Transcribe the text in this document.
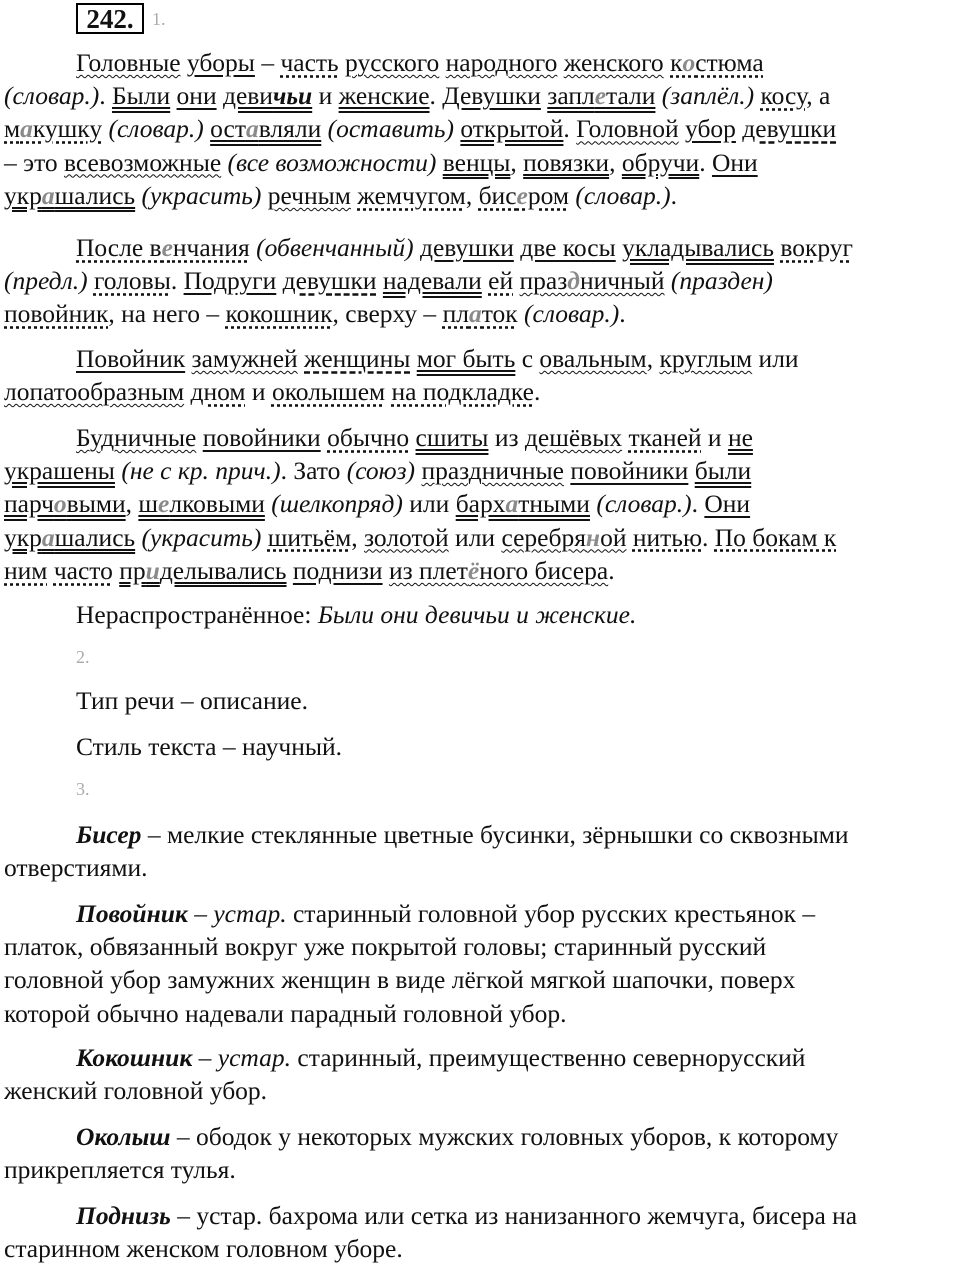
242.	1.
Головные уборы – часть русского народного женского костюма
(словар.). Были они девичьи и женские. Девушки заплетали (заплёл.) косу, а
макушку (словар.) оставляли (оставить) открытой. Головной убор девушки
– это всевозможные (все возможности) венцы, повязки, обручи. Они
украшались (украсить) речным жемчугом, бисером (словар.).
После венчания (обвенчанный) девушки две косы укладывались вокруг
(предл.) головы. Подруги девушки надевали ей праздничный (празден)
повойник, на него – кокошник, сверху – платок (словар.).
Повойник замужней женщины мог быть с овальным, круглым или
лопатообразным дном и околышем на подкладке.
Будничные повойники обычно сшиты из дешёвых тканей и не
украшены (не с кр. прич.). Зато (союз) праздничные повойники были
парчовыми, шелковыми (шелкопряд) или бархатными (словар.). Они
украшались (украсить) шитьём, золотой или серебряной нитью. По бокам к
ним часто приделывались поднизи из плетёного бисера.
Нераспространённое: Были они девичьи и женские.
2.
Тип речи – описание.
Стиль текста – научный.
3.
Бисер – мелкие стеклянные цветные бусинки, зёрнышки со сквозными
отверстиями.
Повойник – устар. старинный головной убор русских крестьянок –
платок, обвязанный вокруг уже покрытой головы; старинный русский
головной убор замужних женщин в виде лёгкой мягкой шапочки, поверх
которой обычно надевали парадный головной убор.
Кокошник – устар. старинный, преимущественно севернорусский
женский головной убор.
Околыш – ободок у некоторых мужских головных уборов, к которому
прикрепляется тулья.
Поднизь – устар. бахрома или сетка из нанизанного жемчуга, бисера на
старинном женском головном уборе.
